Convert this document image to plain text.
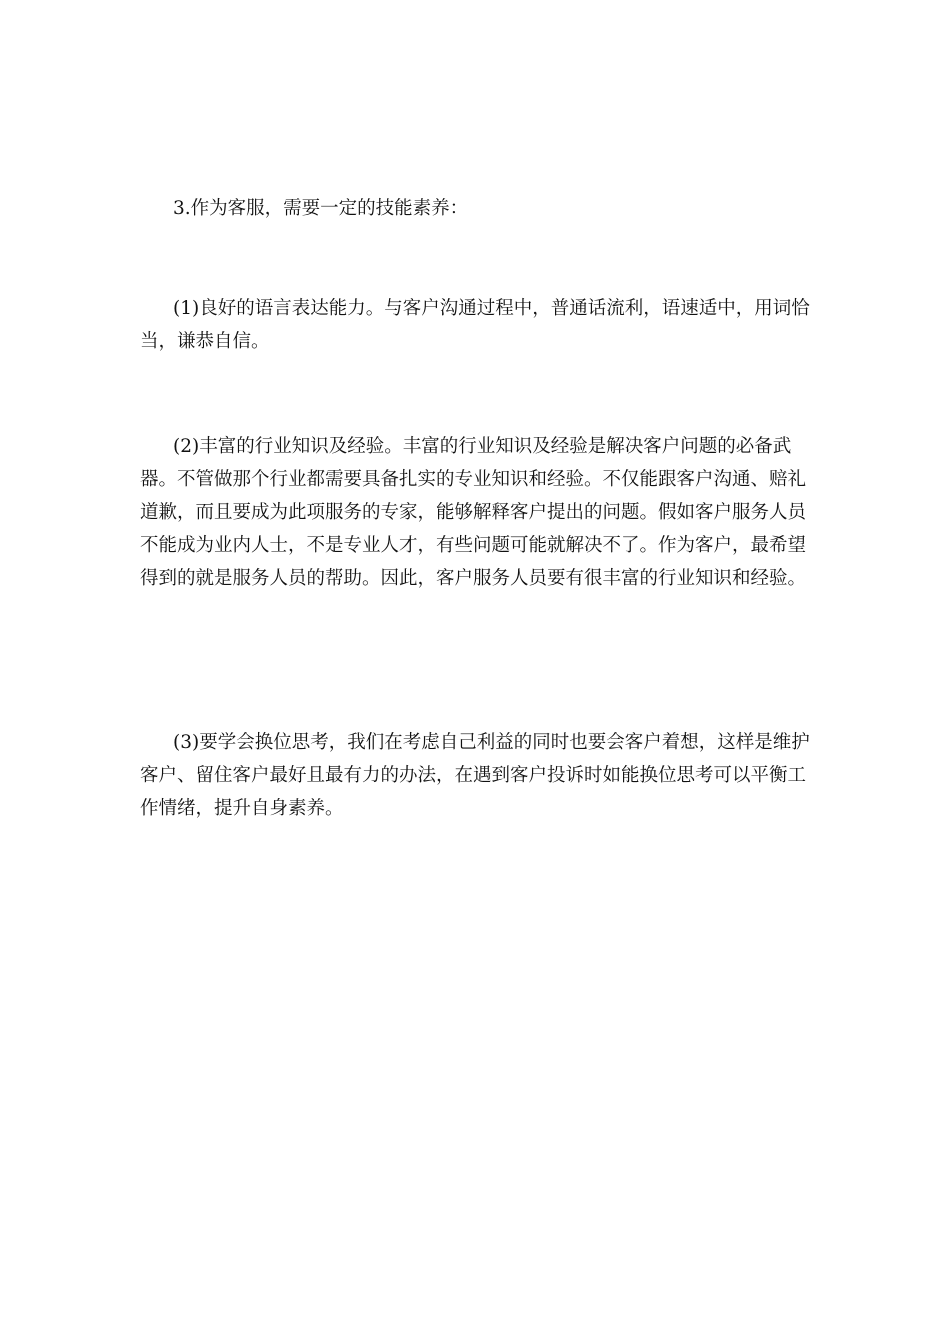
3.作为客服，需要一定的技能素养：

(1)良好的语言表达能力。与客户沟通过程中，普通话流利，语速适中，用词恰当，谦恭自信。

(2)丰富的行业知识及经验。丰富的行业知识及经验是解决客户问题的必备武器。不管做那个行业都需要具备扎实的专业知识和经验。不仅能跟客户沟通、赔礼道歉，而且要成为此项服务的专家，能够解释客户提出的问题。假如客户服务人员不能成为业内人士，不是专业人才，有些问题可能就解决不了。作为客户，最希望得到的就是服务人员的帮助。因此，客户服务人员要有很丰富的行业知识和经验。

(3)要学会换位思考，我们在考虑自己利益的同时也要会客户着想，这样是维护客户、留住客户最好且最有力的办法，在遇到客户投诉时如能换位思考可以平衡工作情绪，提升自身素养。
